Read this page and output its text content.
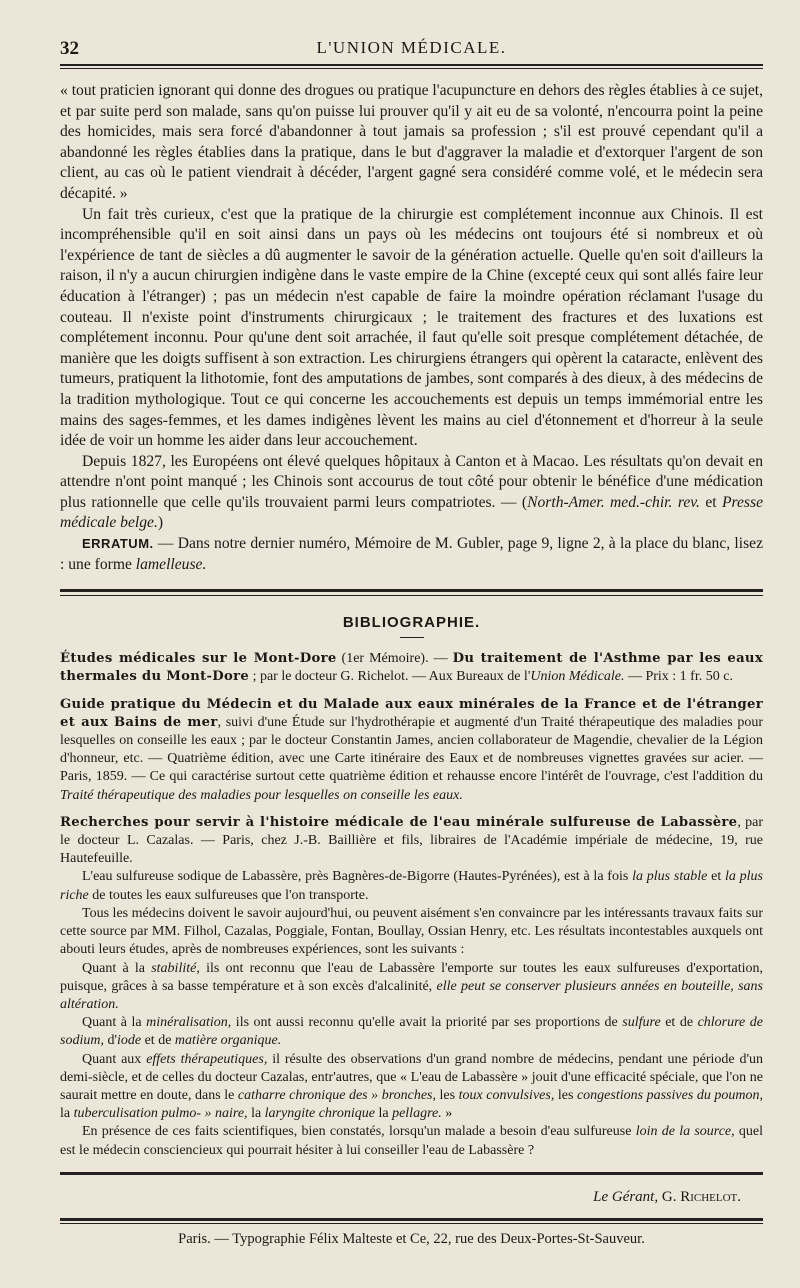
32	L'UNION MÉDICALE.

« tout praticien ignorant qui donne des drogues ou pratique l'acupuncture en dehors des règles établies à ce sujet, et par suite perd son malade, sans qu'on puisse lui prouver qu'il y ait eu de sa volonté, n'encourra point la peine des homicides, mais sera forcé d'abandonner à tout jamais sa profession ; s'il est prouvé cependant qu'il a abandonné les règles établies dans la pratique, dans le but d'aggraver la maladie et d'extorquer l'argent de son client, au cas où le patient viendrait à décéder, l'argent gagné sera considéré comme volé, et le médecin sera décapité. »

Un fait très curieux, c'est que la pratique de la chirurgie est complétement inconnue aux Chinois. Il est incompréhensible qu'il en soit ainsi dans un pays où les médecins ont toujours été si nombreux et où l'expérience de tant de siècles a dû augmenter le savoir de la génération actuelle. Quelle qu'en soit d'ailleurs la raison, il n'y a aucun chirurgien indigène dans le vaste empire de la Chine (excepté ceux qui sont allés faire leur éducation à l'étranger) ; pas un médecin n'est capable de faire la moindre opération réclamant l'usage du couteau. Il n'existe point d'instruments chirurgicaux ; le traitement des fractures et des luxations est complétement inconnu. Pour qu'une dent soit arrachée, il faut qu'elle soit presque complétement détachée, de manière que les doigts suffisent à son extraction. Les chirurgiens étrangers qui opèrent la cataracte, enlèvent des tumeurs, pratiquent la lithotomie, font des amputations de jambes, sont comparés à des dieux, à des médecins de la tradition mythologique. Tout ce qui concerne les accouchements est depuis un temps immémorial entre les mains des sages-femmes, et les dames indigènes lèvent les mains au ciel d'étonnement et d'horreur à la seule idée de voir un homme les aider dans leur accouchement.

Depuis 1827, les Européens ont élevé quelques hôpitaux à Canton et à Macao. Les résultats qu'on devait en attendre n'ont point manqué ; les Chinois sont accourus de tout côté pour obtenir le bénéfice d'une médication plus rationnelle que celle qu'ils trouvaient parmi leurs compatriotes. — (North-Amer. med.-chir. rev. et Presse médicale belge.)

ERRATUM. — Dans notre dernier numéro, Mémoire de M. Gubler, page 9, ligne 2, à la place du blanc, lisez : une forme lamelleuse.

BIBLIOGRAPHIE.

Études médicales sur le Mont-Dore (1er Mémoire). — Du traitement de l'Asthme par les eaux thermales du Mont-Dore ; par le docteur G. Richelot. — Aux Bureaux de l'Union Médicale. — Prix : 1 fr. 50 c.

Guide pratique du Médecin et du Malade aux eaux minérales de la France et de l'étranger et aux Bains de mer, suivi d'une Étude sur l'hydrothérapie et augmenté d'un Traité thérapeutique des maladies pour lesquelles on conseille les eaux ; par le docteur Constantin James, ancien collaborateur de Magendie, chevalier de la Légion d'honneur, etc. — Quatrième édition, avec une Carte itinéraire des Eaux et de nombreuses vignettes gravées sur acier. — Paris, 1859. — Ce qui caractérise surtout cette quatrième édition et rehausse encore l'intérêt de l'ouvrage, c'est l'addition du Traité thérapeutique des maladies pour lesquelles on conseille les eaux.

Recherches pour servir à l'histoire médicale de l'eau minérale sulfureuse de Labassère, par le docteur L. Cazalas. — Paris, chez J.-B. Baillière et fils, libraires de l'Académie impériale de médecine, 19, rue Hautefeuille.

L'eau sulfureuse sodique de Labassère, près Bagnères-de-Bigorre (Hautes-Pyrénées), est à la fois la plus stable et la plus riche de toutes les eaux sulfureuses que l'on transporte.

Tous les médecins doivent le savoir aujourd'hui, ou peuvent aisément s'en convaincre par les intéressants travaux faits sur cette source par MM. Filhol, Cazalas, Poggiale, Fontan, Boullay, Ossian Henry, etc. Les résultats incontestables auxquels ont abouti leurs études, après de nombreuses expériences, sont les suivants :

Quant à la stabilité, ils ont reconnu que l'eau de Labassère l'emporte sur toutes les eaux sulfureuses d'exportation, puisque, grâces à sa basse température et à son excès d'alcalinité, elle peut se conserver plusieurs années en bouteille, sans altération.

Quant à la minéralisation, ils ont aussi reconnu qu'elle avait la priorité par ses proportions de sulfure et de chlorure de sodium, d'iode et de matière organique.

Quant aux effets thérapeutiques, il résulte des observations d'un grand nombre de médecins, pendant une période d'un demi-siècle, et de celles du docteur Cazalas, entr'autres, que « L'eau de Labassère » jouit d'une efficacité spéciale, que l'on ne saurait mettre en doute, dans le catharre chronique des » bronches, les toux convulsives, les congestions passives du poumon, la tuberculisation pulmo- » naire, la laryngite chronique la pellagre. »

En présence de ces faits scientifiques, bien constatés, lorsqu'un malade a besoin d'eau sulfureuse loin de la source, quel est le médecin consciencieux qui pourrait hésiter à lui conseiller l'eau de Labassère ?

Le Gérant, G. Richelot.
Paris. — Typographie Félix Malteste et Ce, 22, rue des Deux-Portes-St-Sauveur.
